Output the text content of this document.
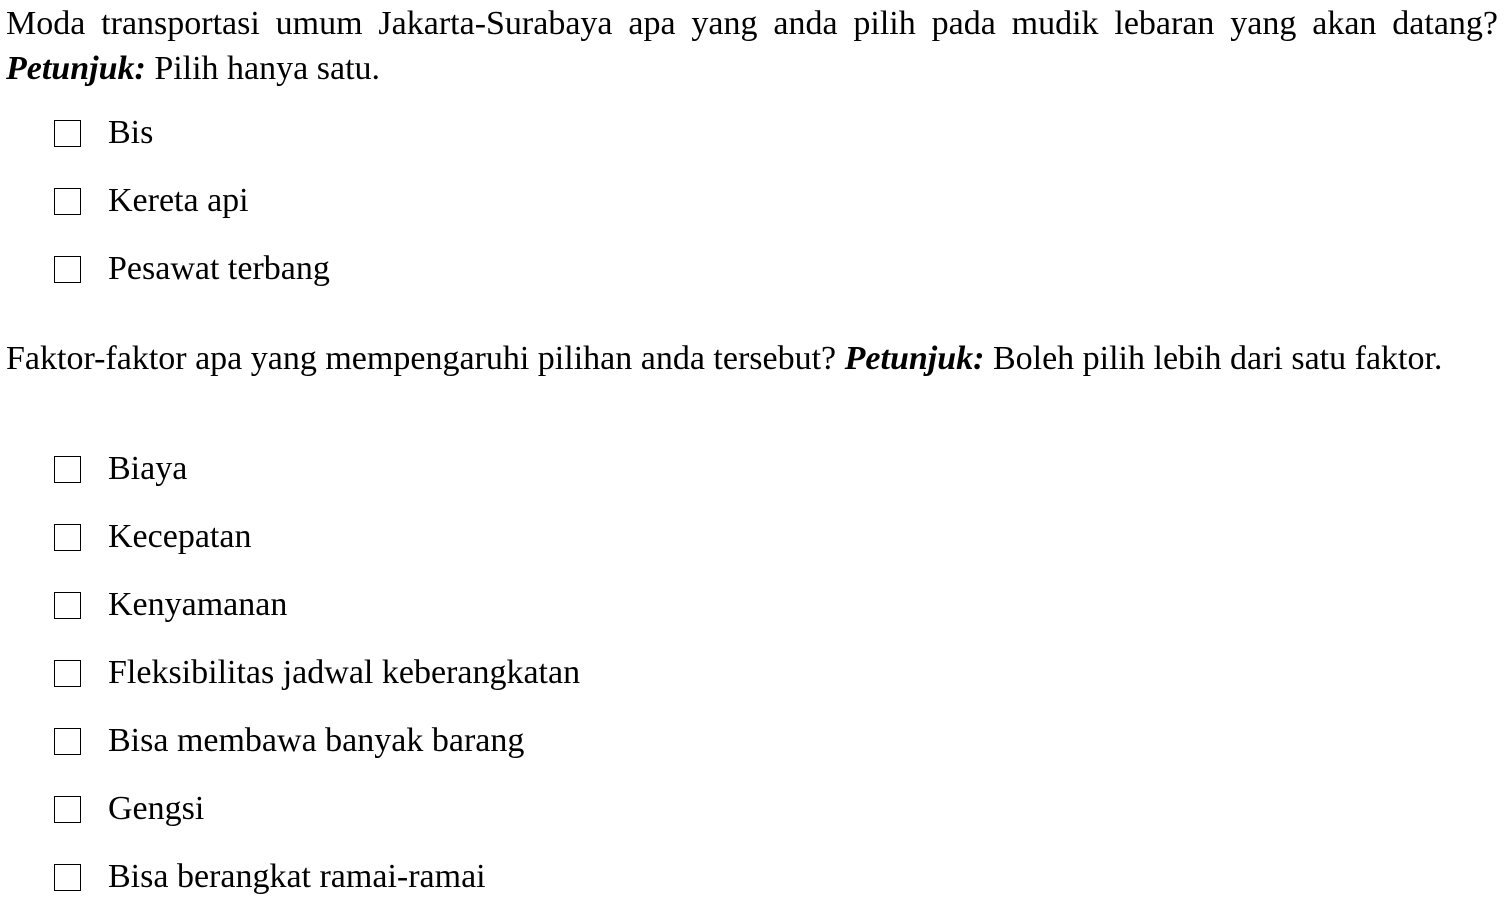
Moda transportasi umum Jakarta-Surabaya apa yang anda pilih pada mudik lebaran yang akan datang? Petunjuk: Pilih hanya satu.

Bis
Kereta api
Pesawat terbang

Faktor-faktor apa yang mempengaruhi pilihan anda tersebut? Petunjuk: Boleh pilih lebih dari satu faktor.

Biaya
Kecepatan
Kenyamanan
Fleksibilitas jadwal keberangkatan
Bisa membawa banyak barang
Gengsi
Bisa berangkat ramai-ramai
